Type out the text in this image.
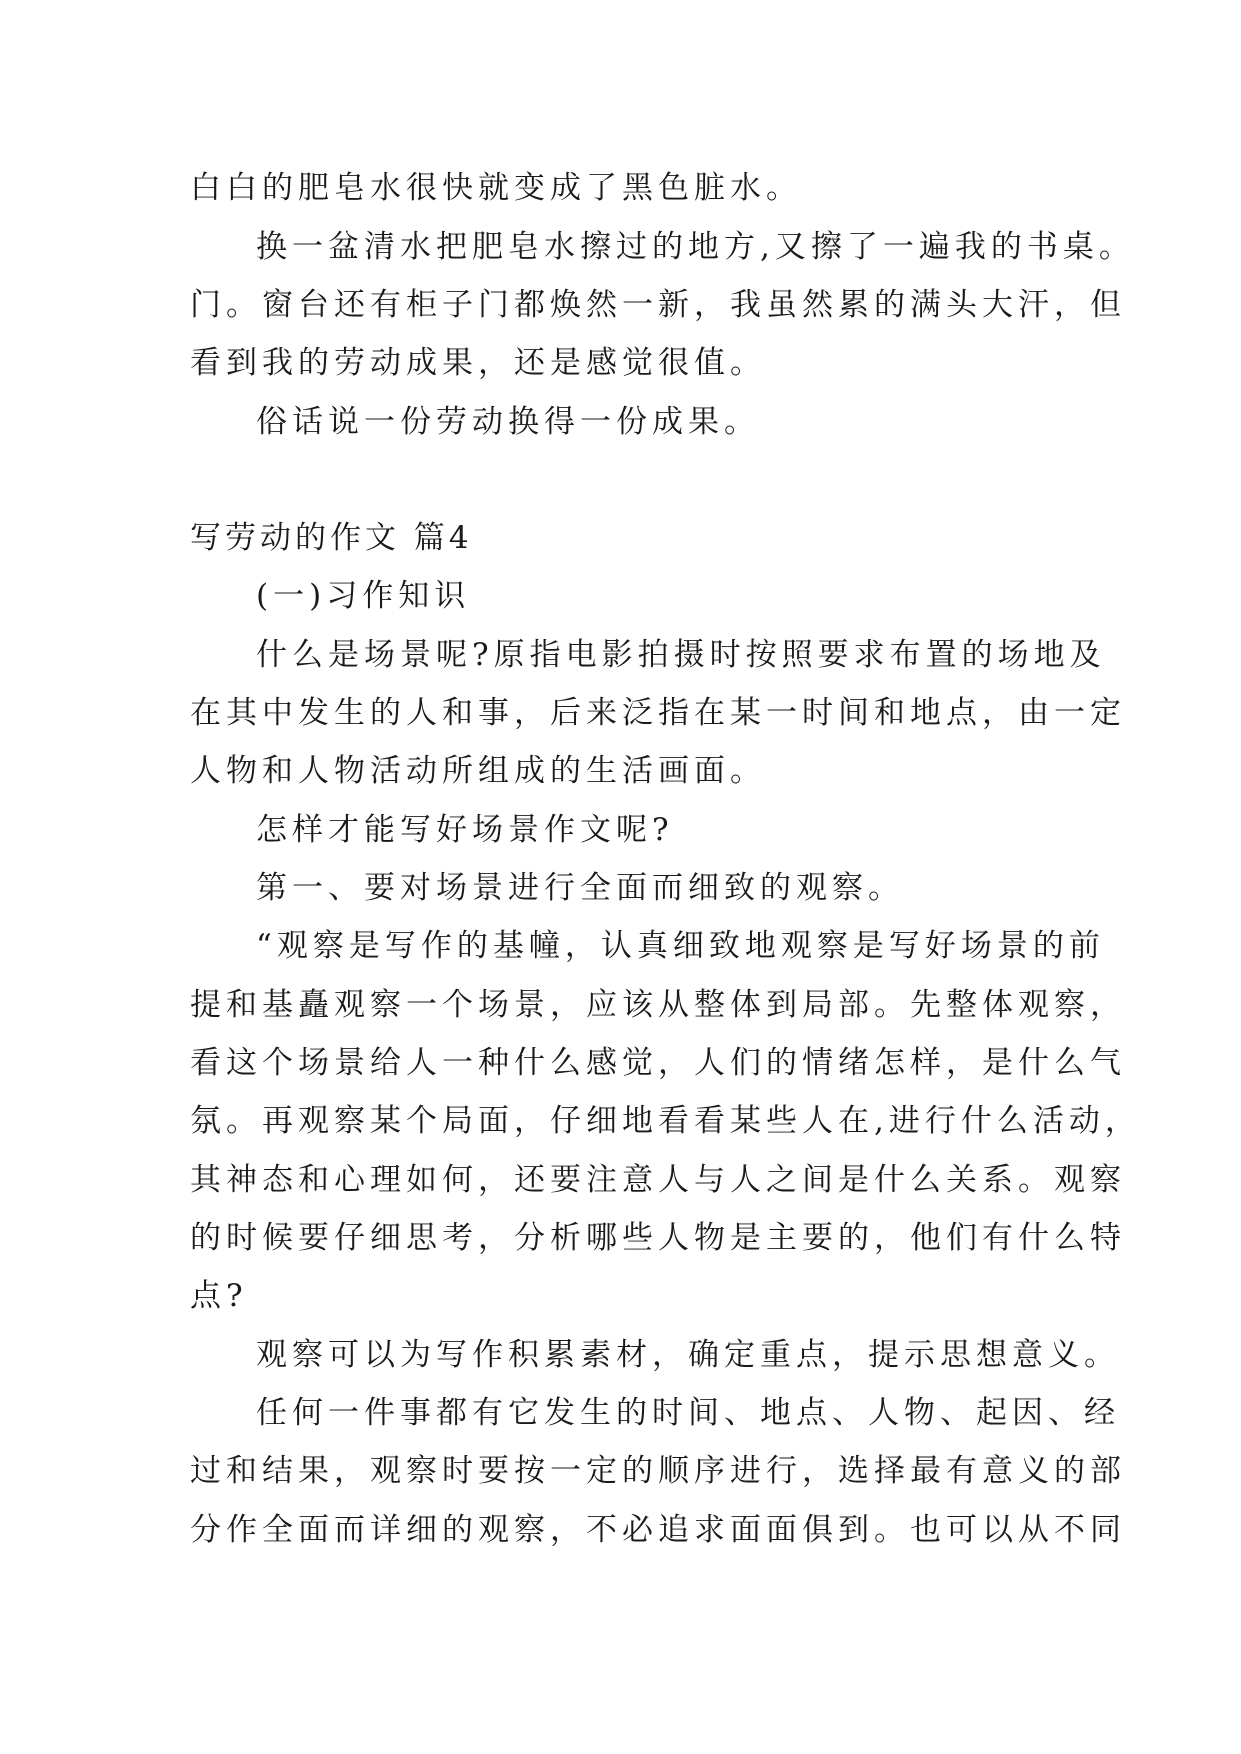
白白的肥皂水很快就变成了黑色脏水。
换一盆清水把肥皂水擦过的地方,又擦了一遍我的书桌。
门。窗台还有柜子门都焕然一新，我虽然累的满头大汗，但
看到我的劳动成果，还是感觉很值。
俗话说一份劳动换得一份成果。
写劳动的作文 篇4
(一)习作知识
什么是场景呢?原指电影拍摄时按照要求布置的场地及
在其中发生的人和事，后来泛指在某一时间和地点，由一定
人物和人物活动所组成的生活画面。
怎样才能写好场景作文呢?
第一、要对场景进行全面而细致的观察。
“观察是写作的基幢，认真细致地观察是写好场景的前
提和基矗观察一个场景，应该从整体到局部。先整体观察，
看这个场景给人一种什么感觉，人们的情绪怎样，是什么气
氛。再观察某个局面，仔细地看看某些人在,进行什么活动，
其神态和心理如何，还要注意人与人之间是什么关系。观察
的时候要仔细思考，分析哪些人物是主要的，他们有什么特
点?
观察可以为写作积累素材，确定重点，提示思想意义。
任何一件事都有它发生的时间、地点、人物、起因、经
过和结果，观察时要按一定的顺序进行，选择最有意义的部
分作全面而详细的观察，不必追求面面俱到。也可以从不同
